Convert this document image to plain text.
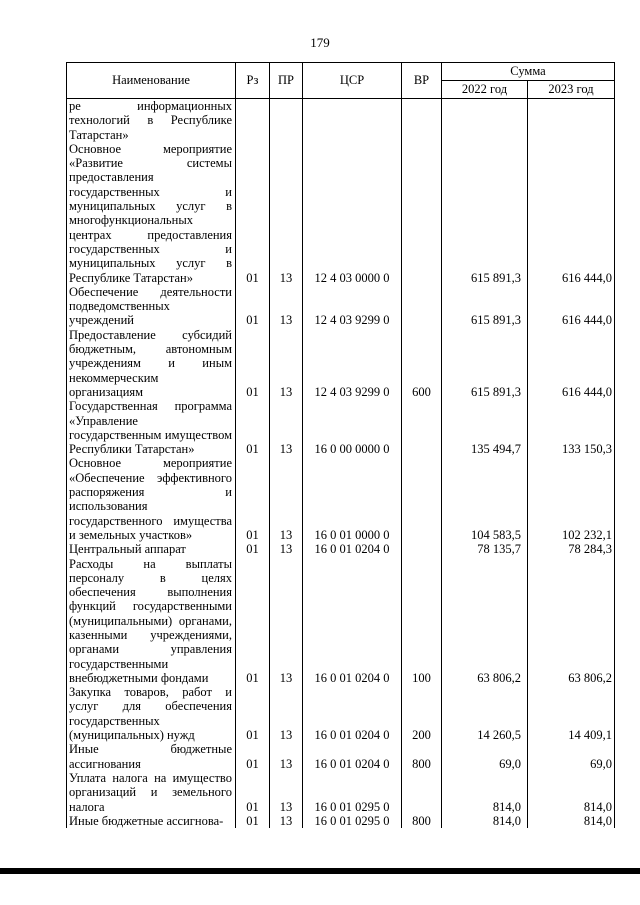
179
Наименование	Рз	ПР	ЦСР	ВР	Сумма	
					2022 год	2023 год
ре информационных технологий в Республике Татарстан»						
Основное мероприятие «Развитие системы предоставления государственных и муниципальных услуг в многофункциональных центрах предоставления государственных и муниципальных услуг в Республике Татарстан»	01	13	12 4 03 0000 0		615 891,3	616 444,0
Обеспечение деятельности подведомственных учреждений	01	13	12 4 03 9299 0		615 891,3	616 444,0
Предоставление субсидий бюджетным, автономным учреждениям и иным некоммерческим организациям	01	13	12 4 03 9299 0	600	615 891,3	616 444,0
Государственная программа «Управление государственным имуществом Республики Татарстан»	01	13	16 0 00 0000 0		135 494,7	133 150,3
Основное мероприятие «Обеспечение эффективного распоряжения и использования государственного имущества и земельных участков»	01	13	16 0 01 0000 0		104 583,5	102 232,1
Центральный аппарат	01	13	16 0 01 0204 0		78 135,7	78 284,3
Расходы на выплаты персоналу в целях обеспечения выполнения функций государственными (муниципальными) органами, казенными учреждениями, органами управления государственными внебюджетными фондами	01	13	16 0 01 0204 0	100	63 806,2	63 806,2
Закупка товаров, работ и услуг для обеспечения государственных (муниципальных) нужд	01	13	16 0 01 0204 0	200	14 260,5	14 409,1
Иные бюджетные ассигнования	01	13	16 0 01 0204 0	800	69,0	69,0
Уплата налога на имущество организаций и земельного налога	01	13	16 0 01 0295 0		814,0	814,0
Иные бюджетные ассигнова-	01	13	16 0 01 0295 0	800	814,0	814,0
